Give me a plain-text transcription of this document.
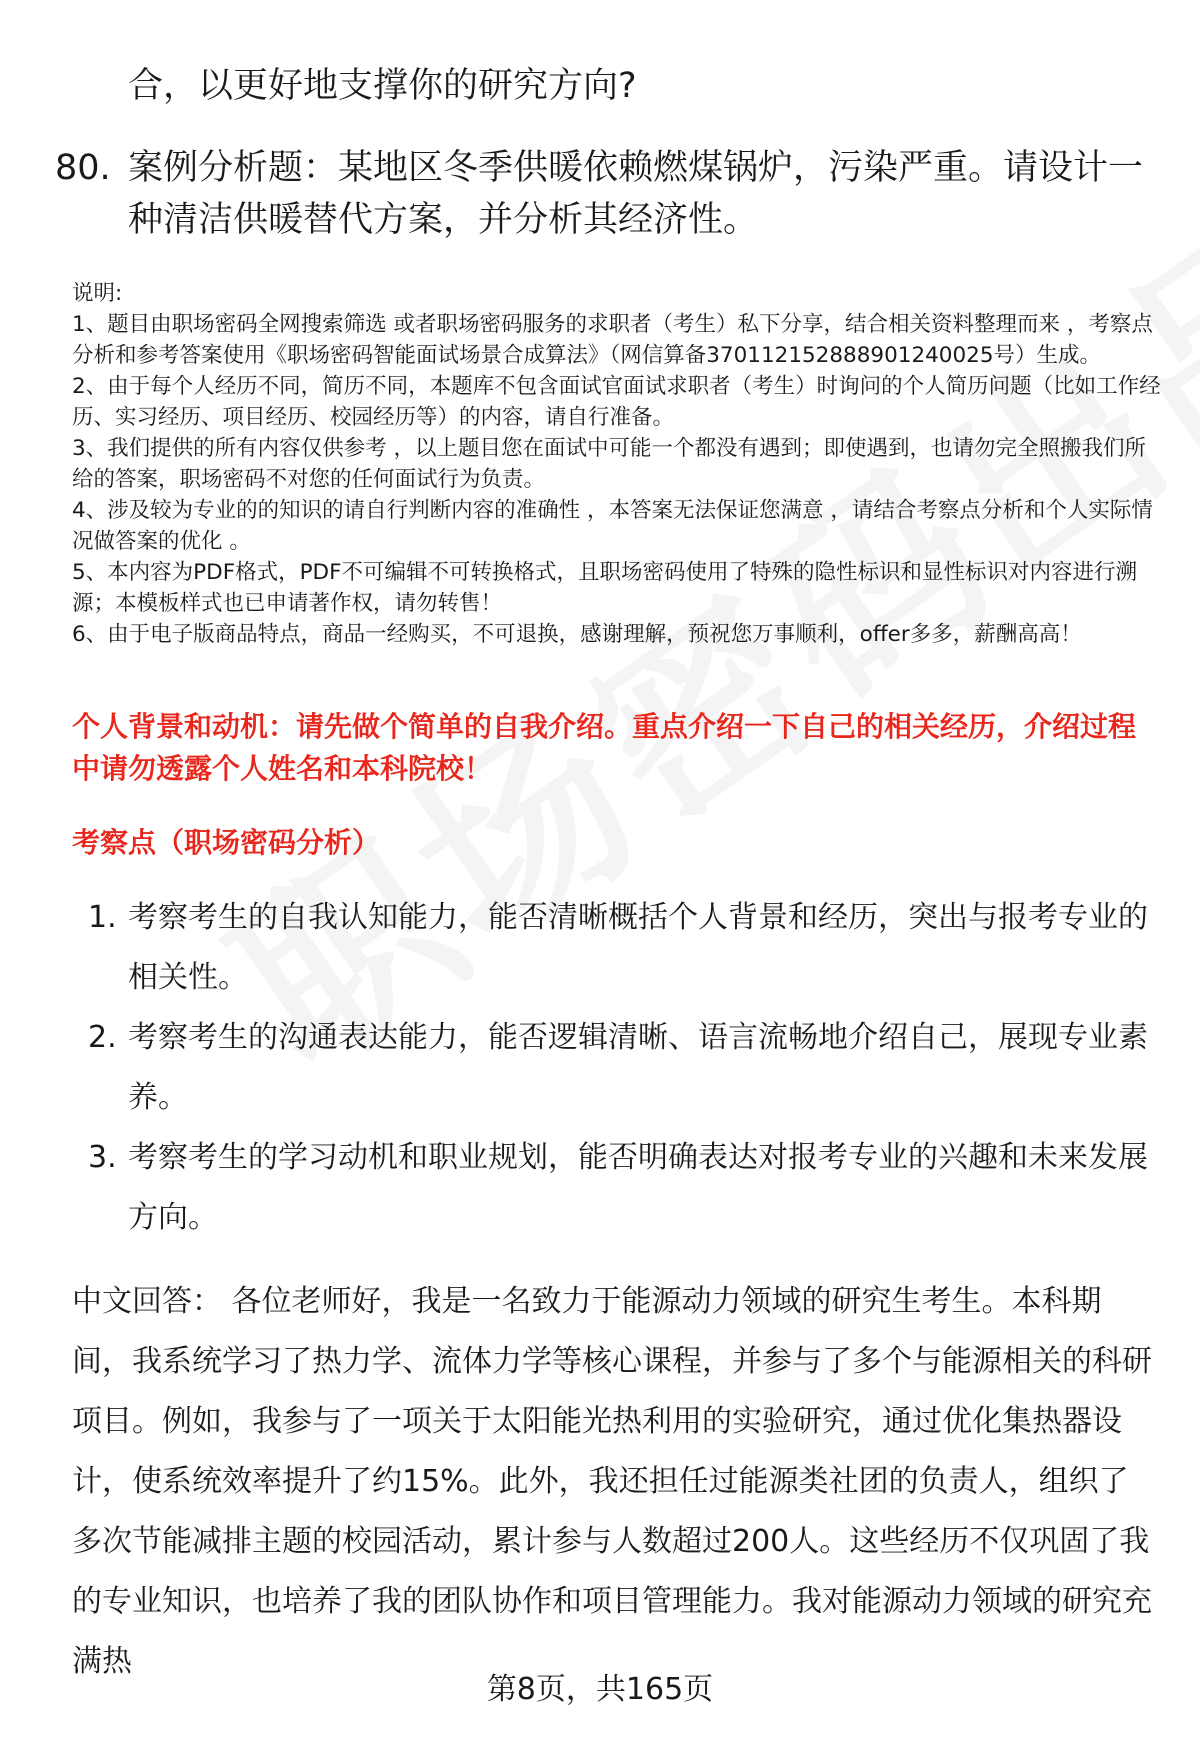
合，以更好地支撑你的研究方向?
80. 案例分析题：某地区冬季供暖依赖燃煤锅炉，污染严重。请设计一种清洁供暖替代方案，并分析其经济性。

说明:

1、题目由职场密码全网搜索筛选 或者职场密码服务的求职者（考生）私下分享，结合相关资料整理而来 ，考察点分析和参考答案使用《职场密码智能面试场景合成算法》（网信算备370112152888901240025号）生成。

2、由于每个人经历不同，简历不同，本题库不包含面试官面试求职者（考生）时询问的个人简历问题（比如工作经历、实习经历、项目经历、校园经历等）的内容，请自行准备。

3、我们提供的所有内容仅供参考 ，以上题目您在面试中可能一个都没有遇到；即使遇到，也请勿完全照搬我们所给的答案，职场密码不对您的任何面试行为负责。

4、涉及较为专业的的知识的请自行判断内容的准确性 ，本答案无法保证您满意 ，请结合考察点分析和个人实际情况做答案的优化 。

5、本内容为PDF格式，PDF不可编辑不可转换格式，且职场密码使用了特殊的隐性标识和显性标识对内容进行溯源；本模板样式也已申请著作权，请勿转售！

6、由于电子版商品特点，商品一经购买，不可退换，感谢理解，预祝您万事顺利，offer多多，薪酬高高！

个人背景和动机：请先做个简单的自我介绍。重点介绍一下自己的相关经历，介绍过程中请勿透露个人姓名和本科院校！
考察点（职场密码分析）
1. 考察考生的自我认知能力，能否清晰概括个人背景和经历，突出与报考专业的相关性。
2. 考察考生的沟通表达能力，能否逻辑清晰、语言流畅地介绍自己，展现专业素养。
3. 考察考生的学习动机和职业规划，能否明确表达对报考专业的兴趣和未来发展方向。
中文回答： 各位老师好，我是一名致力于能源动力领域的研究生考生。本科期间，我系统学习了热力学、流体力学等核心课程，并参与了多个与能源相关的科研项目。例如，我参与了一项关于太阳能光热利用的实验研究，通过优化集热器设计，使系统效率提升了约15%。此外，我还担任过能源类社团的负责人，组织了多次节能减排主题的校园活动，累计参与人数超过200人。这些经历不仅巩固了我的专业知识，也培养了我的团队协作和项目管理能力。我对能源动力领域的研究充满热
第8页，共165页
